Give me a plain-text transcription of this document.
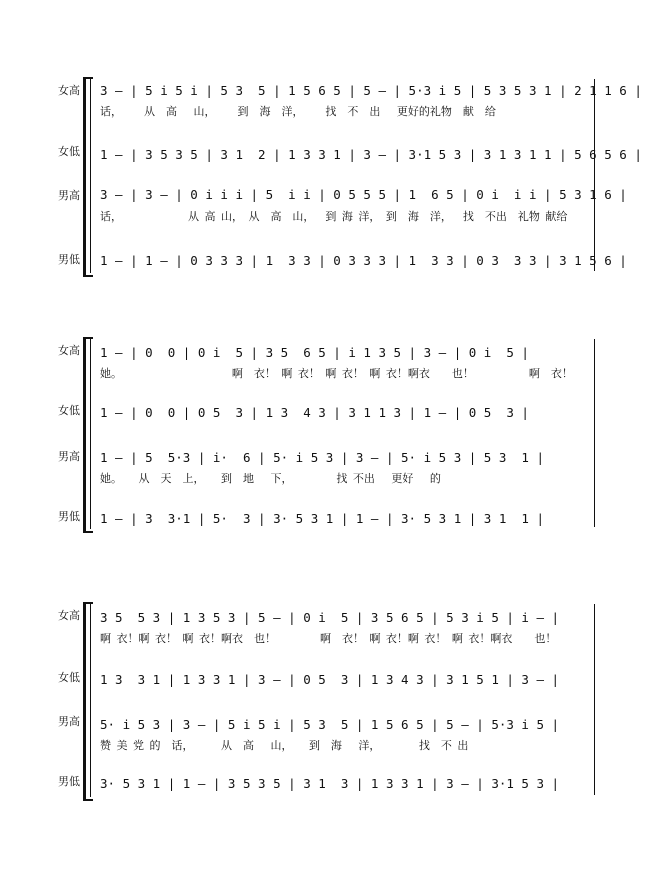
女高 3 — | 5 i 5 i | 5 3  5 | 1 5 6 5 | 5 — | 5·3 i 5 | 5 3 5 3 1 | 2 1 1 6 |
话，    从  高   山，    到  海  洋，    找  不  出   更好的礼物  献  给
女低 1 — | 3 5 3 5 | 3 1  2 | 1 3 3 1 | 3 — | 3·1 5 3 | 3 1 3 1 1 | 5 6 5 6 |
男高 3 — | 3 — | 0 i i i | 5  i i | 0 5 5 5 | 1  6 5 | 0 i  i i | 5 3 1 6 |
话，            从 高 山， 从  高  山，  到 海 洋， 到  海  洋，  找  不出  礼物 献给
男低 1 — | 1 — | 0 3 3 3 | 1  3 3 | 0 3 3 3 | 1  3 3 | 0 3  3 3 | 3 1 5 6 |
女高 1 — | 0  0 | 0 i  5 | 3 5  6 5 | i 1 3 5 | 3 — | 0 i  5 |
她。                    啊  衣！ 啊 衣！ 啊 衣！ 啊 衣！啊衣    也！          啊  衣！
女低 1 — | 0  0 | 0 5  3 | 1 3  4 3 | 3 1 1 3 | 1 — | 0 5  3 |
男高 1 — | 5  5·3 | i·  6 | 5· i 5 3 | 3 — | 5· i 5 3 | 5 3  1 |
她。   从  天  上，   到  地   下，        找 不出   更好   的
男低 1 — | 3  3·1 | 5·  3 | 3· 5 3 1 | 1 — | 3· 5 3 1 | 3 1  1 |
女高 3 5  5 3 | 1 3 5 3 | 5 — | 0 i  5 | 3 5 6 5 | 5 3 i 5 | i — |
啊 衣！啊 衣！ 啊 衣！啊衣  也！        啊  衣！ 啊 衣！啊 衣！ 啊 衣！啊衣    也！
女低 1 3  3 1 | 1 3 3 1 | 3 — | 0 5  3 | 1 3 4 3 | 3 1 5 1 | 3 — |
男高 5· i 5 3 | 3 — | 5 i 5 i | 5 3  5 | 1 5 6 5 | 5 — | 5·3 i 5 |
赞 美 党 的  话，     从  高   山，   到  海   洋，       找  不 出
男低 3· 5 3 1 | 1 — | 3 5 3 5 | 3 1  3 | 1 3 3 1 | 3 — | 3·1 5 3 |
